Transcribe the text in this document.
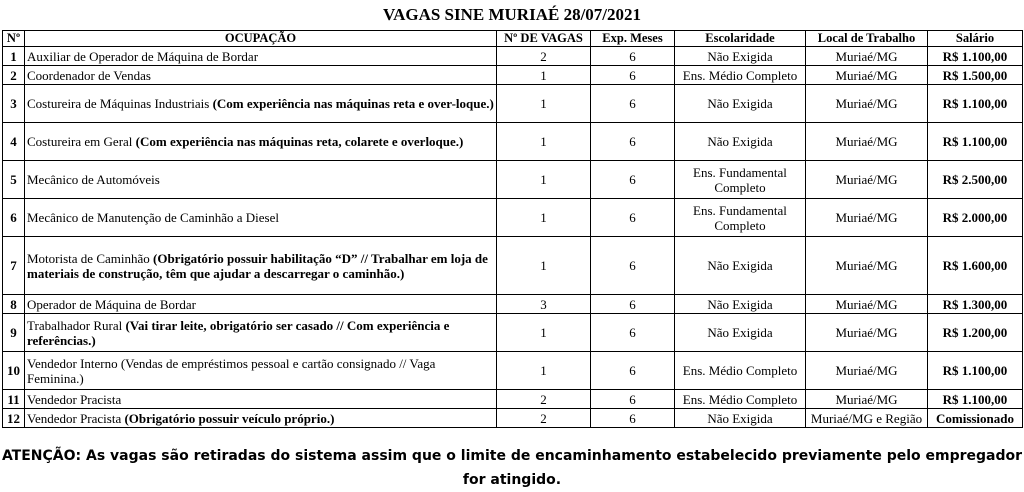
VAGAS SINE MURIAÉ 28/07/2021
Nº	OCUPAÇÃO	Nº DE VAGAS	Exp. Meses	Escolaridade	Local de Trabalho	Salário
1	Auxiliar de Operador de Máquina de Bordar	2	6	Não Exigida	Muriaé/MG	R$ 1.100,00
2	Coordenador de Vendas	1	6	Ens. Médio Completo	Muriaé/MG	R$ 1.500,00
3	Costureira de Máquinas Industriais (Com experiência nas máquinas reta e over-loque.)	1	6	Não Exigida	Muriaé/MG	R$ 1.100,00
4	Costureira em Geral (Com experiência nas máquinas reta, colarete e overloque.)	1	6	Não Exigida	Muriaé/MG	R$ 1.100,00
5	Mecânico de Automóveis	1	6	Ens. Fundamental Completo	Muriaé/MG	R$ 2.500,00
6	Mecânico de Manutenção de Caminhão a Diesel	1	6	Ens. Fundamental Completo	Muriaé/MG	R$ 2.000,00
7	Motorista de Caminhão (Obrigatório possuir habilitação “D” // Trabalhar em loja de materiais de construção, têm que ajudar a descarregar o caminhão.)	1	6	Não Exigida	Muriaé/MG	R$ 1.600,00
8	Operador de Máquina de Bordar	3	6	Não Exigida	Muriaé/MG	R$ 1.300,00
9	Trabalhador Rural (Vai tirar leite, obrigatório ser casado // Com experiência e referências.)	1	6	Não Exigida	Muriaé/MG	R$ 1.200,00
10	Vendedor Interno (Vendas de empréstimos pessoal e cartão consignado // Vaga Feminina.)	1	6	Ens. Médio Completo	Muriaé/MG	R$ 1.100,00
11	Vendedor Pracista	2	6	Ens. Médio Completo	Muriaé/MG	R$ 1.100,00
12	Vendedor Pracista (Obrigatório possuir veículo próprio.)	2	6	Não Exigida	Muriaé/MG e Região	Comissionado
ATENÇÃO: As vagas são retiradas do sistema assim que o limite de encaminhamento estabelecido previamente pelo empregador for atingido.
